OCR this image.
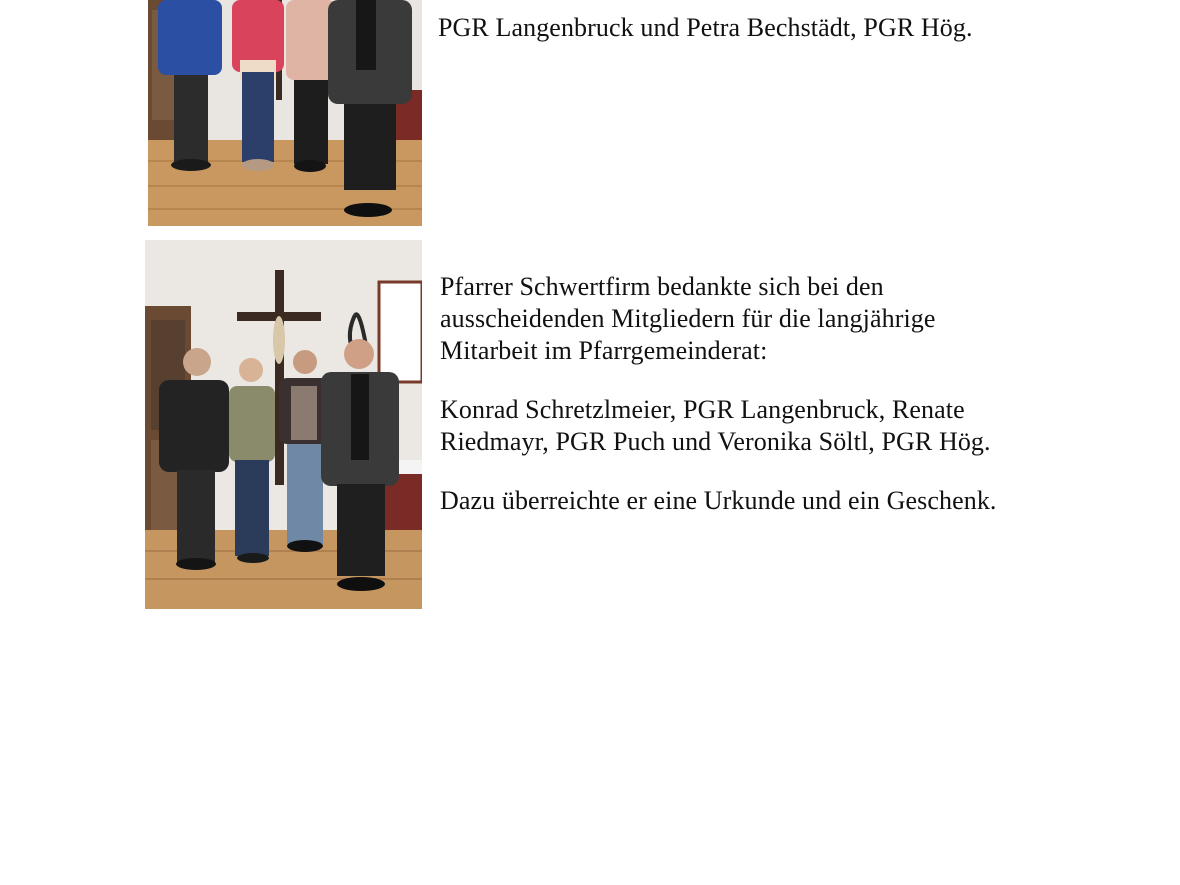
PGR Langenbruck und Petra Bechstädt, PGR Hög.

Pfarrer Schwertfirm bedankte sich bei den
ausscheidenden Mitgliedern für die langjährige
Mitarbeit im Pfarrgemeinderat:

Konrad Schretzlmeier, PGR Langenbruck, Renate
Riedmayr, PGR Puch und Veronika Söltl, PGR Hög.

Dazu überreichte er eine Urkunde und ein Geschenk.
